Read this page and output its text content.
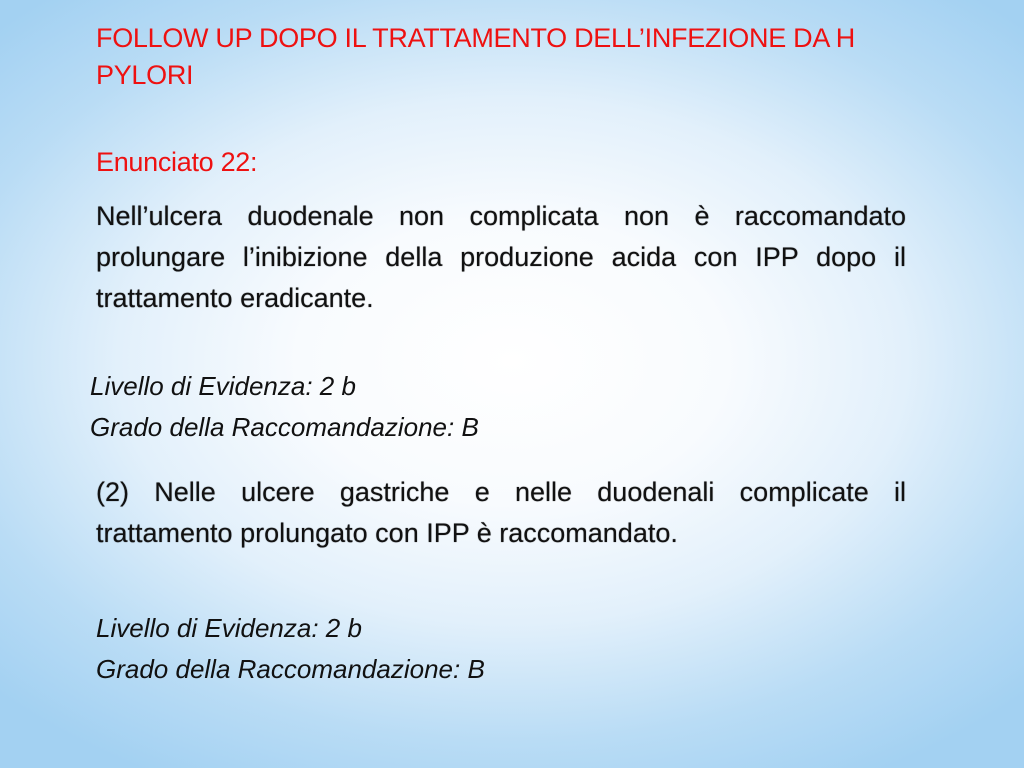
FOLLOW UP DOPO IL TRATTAMENTO DELL’INFEZIONE DA H PYLORI
Enunciato 22:

Nell’ulcera duodenale non complicata non è raccomandato prolungare l’inibizione della produzione acida con IPP dopo il trattamento eradicante.

Livello di Evidenza: 2 b
Grado della Raccomandazione: B

(2) Nelle ulcere gastriche e nelle duodenali complicate il trattamento prolungato con IPP è raccomandato.

Livello di Evidenza: 2 b
Grado della Raccomandazione: B
